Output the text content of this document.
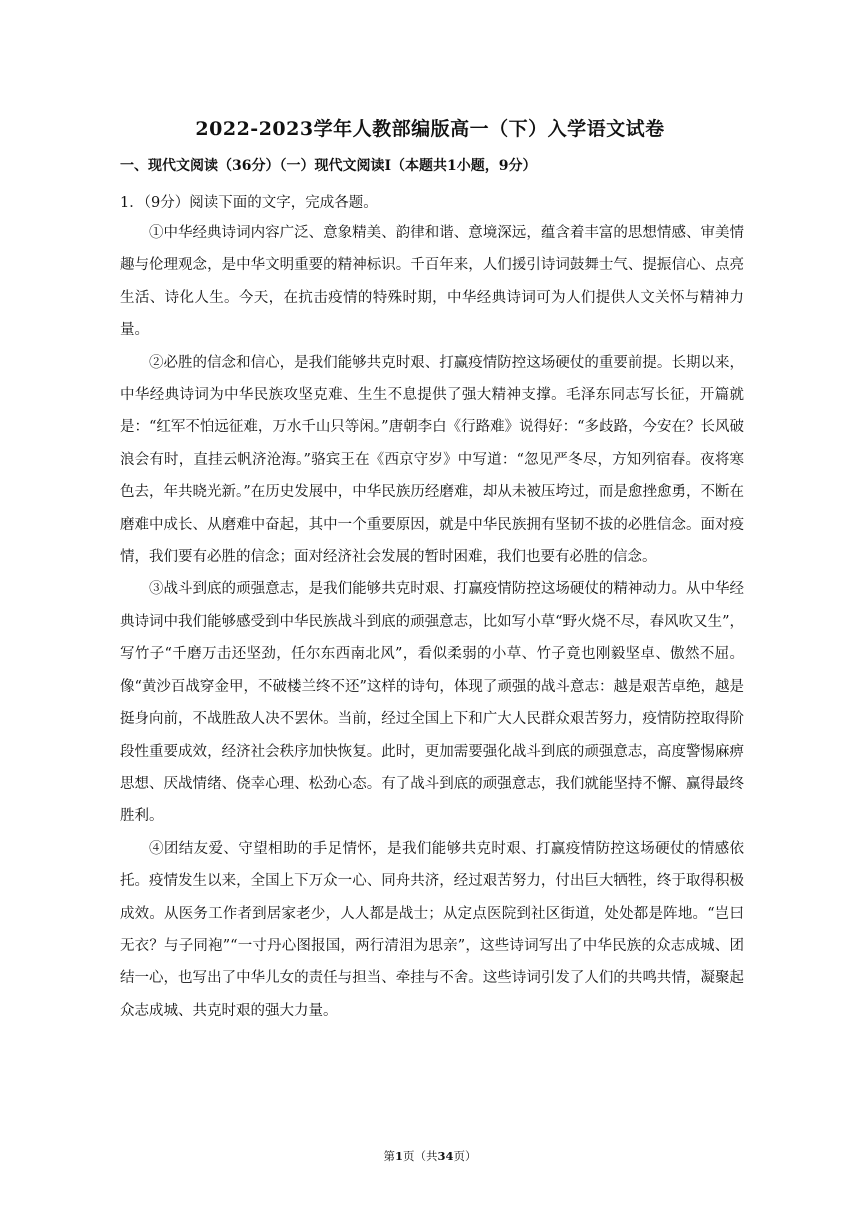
2022-2023学年人教部编版高一（下）入学语文试卷
一、现代文阅读（36分）（一）现代文阅读Ⅰ（本题共1小题，9分）
1．（9分）阅读下面的文字，完成各题。

①中华经典诗词内容广泛、意象精美、韵律和谐、意境深远，蕴含着丰富的思想情感、审美情趣与伦理观念，是中华文明重要的精神标识。千百年来，人们援引诗词鼓舞士气、提振信心、点亮生活、诗化人生。今天，在抗击疫情的特殊时期，中华经典诗词可为人们提供人文关怀与精神力量。

②必胜的信念和信心，是我们能够共克时艰、打赢疫情防控这场硬仗的重要前提。长期以来，中华经典诗词为中华民族攻坚克难、生生不息提供了强大精神支撑。毛泽东同志写长征，开篇就是：“红军不怕远征难，万水千山只等闲。”唐朝李白《行路难》说得好：“多歧路，今安在？长风破浪会有时，直挂云帆济沧海。”骆宾王在《西京守岁》中写道：“忽见严冬尽，方知列宿春。夜将寒色去，年共晓光新。”在历史发展中，中华民族历经磨难，却从未被压垮过，而是愈挫愈勇，不断在磨难中成长、从磨难中奋起，其中一个重要原因，就是中华民族拥有坚韧不拔的必胜信念。面对疫情，我们要有必胜的信念；面对经济社会发展的暂时困难，我们也要有必胜的信念。

③战斗到底的顽强意志，是我们能够共克时艰、打赢疫情防控这场硬仗的精神动力。从中华经典诗词中我们能够感受到中华民族战斗到底的顽强意志，比如写小草“野火烧不尽，春风吹又生”，写竹子“千磨万击还坚劲，任尔东西南北风”，看似柔弱的小草、竹子竟也刚毅坚卓、傲然不屈。像“黄沙百战穿金甲，不破楼兰终不还”这样的诗句，体现了顽强的战斗意志：越是艰苦卓绝，越是挺身向前，不战胜敌人决不罢休。当前，经过全国上下和广大人民群众艰苦努力，疫情防控取得阶段性重要成效，经济社会秩序加快恢复。此时，更加需要强化战斗到底的顽强意志，高度警惕麻痹思想、厌战情绪、侥幸心理、松劲心态。有了战斗到底的顽强意志，我们就能坚持不懈、赢得最终胜利。

④团结友爱、守望相助的手足情怀，是我们能够共克时艰、打赢疫情防控这场硬仗的情感依托。疫情发生以来，全国上下万众一心、同舟共济，经过艰苦努力，付出巨大牺牲，终于取得积极成效。从医务工作者到居家老少，人人都是战士；从定点医院到社区街道，处处都是阵地。“岂曰无衣？与子同袍”“一寸丹心图报国，两行清泪为思亲”，这些诗词写出了中华民族的众志成城、团结一心，也写出了中华儿女的责任与担当、牵挂与不舍。这些诗词引发了人们的共鸣共情，凝聚起众志成城、共克时艰的强大力量。

第1页（共34页）
